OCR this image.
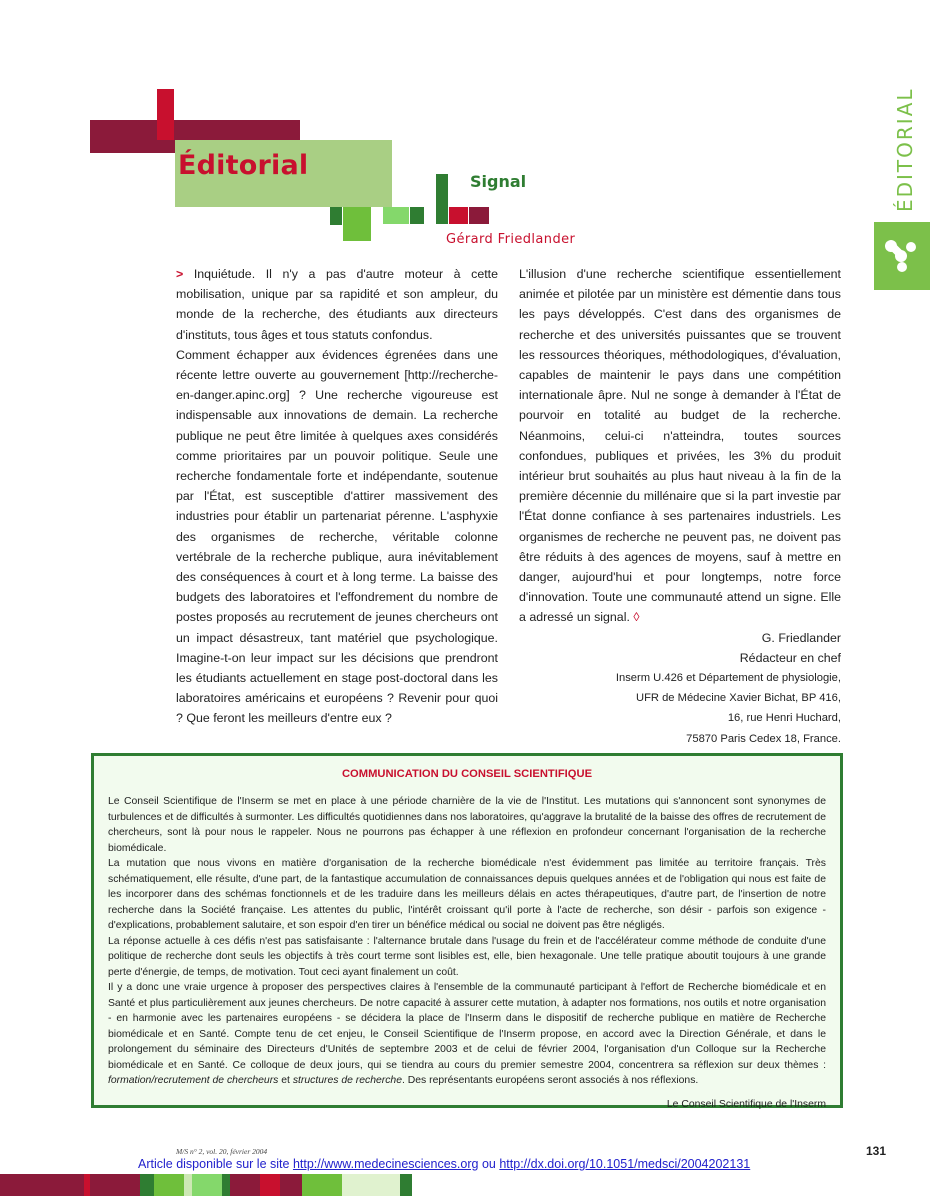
Éditorial
Signal
Gérard Friedlander
ÉDITORIAL

> Inquiétude. Il n'y a pas d'autre moteur à cette mobilisation, unique par sa rapidité et son ampleur, du monde de la recherche, des étudiants aux directeurs d'instituts, tous âges et tous statuts confondus.

Comment échapper aux évidences égrenées dans une récente lettre ouverte au gouvernement [http://recherche-en-danger.apinc.org] ? Une recherche vigoureuse est indispensable aux innovations de demain. La recherche publique ne peut être limitée à quelques axes considérés comme prioritaires par un pouvoir politique. Seule une recherche fondamentale forte et indépendante, soutenue par l'État, est susceptible d'attirer massivement des industries pour établir un partenariat pérenne. L'asphyxie des organismes de recherche, véritable colonne vertébrale de la recherche publique, aura inévitablement des conséquences à court et à long terme. La baisse des budgets des laboratoires et l'effondrement du nombre de postes proposés au recrutement de jeunes chercheurs ont un impact désastreux, tant matériel que psychologique. Imagine-t-on leur impact sur les décisions que prendront les étudiants actuellement en stage post-doctoral dans les laboratoires américains et européens ? Revenir pour quoi ? Que feront les meilleurs d'entre eux ?

L'illusion d'une recherche scientifique essentiellement animée et pilotée par un ministère est démentie dans tous les pays développés. C'est dans des organismes de recherche et des universités puissantes que se trouvent les ressources théoriques, méthodologiques, d'évaluation, capables de maintenir le pays dans une compétition internationale âpre. Nul ne songe à demander à l'État de pourvoir en totalité au budget de la recherche. Néanmoins, celui-ci n'atteindra, toutes sources confondues, publiques et privées, les 3% du produit intérieur brut souhaités au plus haut niveau à la fin de la première décennie du millénaire que si la part investie par l'État donne confiance à ses partenaires industriels. Les organismes de recherche ne peuvent pas, ne doivent pas être réduits à des agences de moyens, sauf à mettre en danger, aujourd'hui et pour longtemps, notre force d'innovation. Toute une communauté attend un signe. Elle a adressé un signal. ◊

G. Friedlander
Rédacteur en chef
Inserm U.426 et Département de physiologie,
UFR de Médecine Xavier Bichat, BP 416,
16, rue Henri Huchard,
75870 Paris Cedex 18, France.
COMMUNICATION DU CONSEIL SCIENTIFIQUE

Le Conseil Scientifique de l'Inserm se met en place à une période charnière de la vie de l'Institut. Les mutations qui s'annoncent sont synonymes de turbulences et de difficultés à surmonter. Les difficultés quotidiennes dans nos laboratoires, qu'aggrave la brutalité de la baisse des offres de recrutement de chercheurs, sont là pour nous le rappeler. Nous ne pourrons pas échapper à une réflexion en profondeur concernant l'organisation de la recherche biomédicale.

La mutation que nous vivons en matière d'organisation de la recherche biomédicale n'est évidemment pas limitée au territoire français. Très schématiquement, elle résulte, d'une part, de la fantastique accumulation de connaissances depuis quelques années et de l'obligation qui nous est faite de les incorporer dans des schémas fonctionnels et de les traduire dans les meilleurs délais en actes thérapeutiques, d'autre part, de l'insertion de notre recherche dans la Société française. Les attentes du public, l'intérêt croissant qu'il porte à l'acte de recherche, son désir - parfois son exigence - d'explications, probablement salutaire, et son espoir d'en tirer un bénéfice médical ou social ne doivent pas être négligés.

La réponse actuelle à ces défis n'est pas satisfaisante : l'alternance brutale dans l'usage du frein et de l'accélérateur comme méthode de conduite d'une politique de recherche dont seuls les objectifs à très court terme sont lisibles est, elle, bien hexagonale. Une telle pratique aboutit toujours à une grande perte d'énergie, de temps, de motivation. Tout ceci ayant finalement un coût.

Il y a donc une vraie urgence à proposer des perspectives claires à l'ensemble de la communauté participant à l'effort de Recherche biomédicale et en Santé et plus particulièrement aux jeunes chercheurs. De notre capacité à assurer cette mutation, à adapter nos formations, nos outils et notre organisation - en harmonie avec les partenaires européens - se décidera la place de l'Inserm dans le dispositif de recherche publique en matière de Recherche biomédicale et en Santé. Compte tenu de cet enjeu, le Conseil Scientifique de l'Inserm propose, en accord avec la Direction Générale, et dans le prolongement du séminaire des Directeurs d'Unités de septembre 2003 et de celui de février 2004, l'organisation d'un Colloque sur la Recherche biomédicale et en Santé. Ce colloque de deux jours, qui se tiendra au cours du premier semestre 2004, concentrera sa réflexion sur deux thèmes : formation/recrutement de chercheurs et structures de recherche. Des représentants européens seront associés à nos réflexions.

Le Conseil Scientifique de l'Inserm

M/S n° 2, vol. 20, février 2004	131
Article disponible sur le site http://www.medecinesciences.org ou http://dx.doi.org/10.1051/medsci/2004202131
